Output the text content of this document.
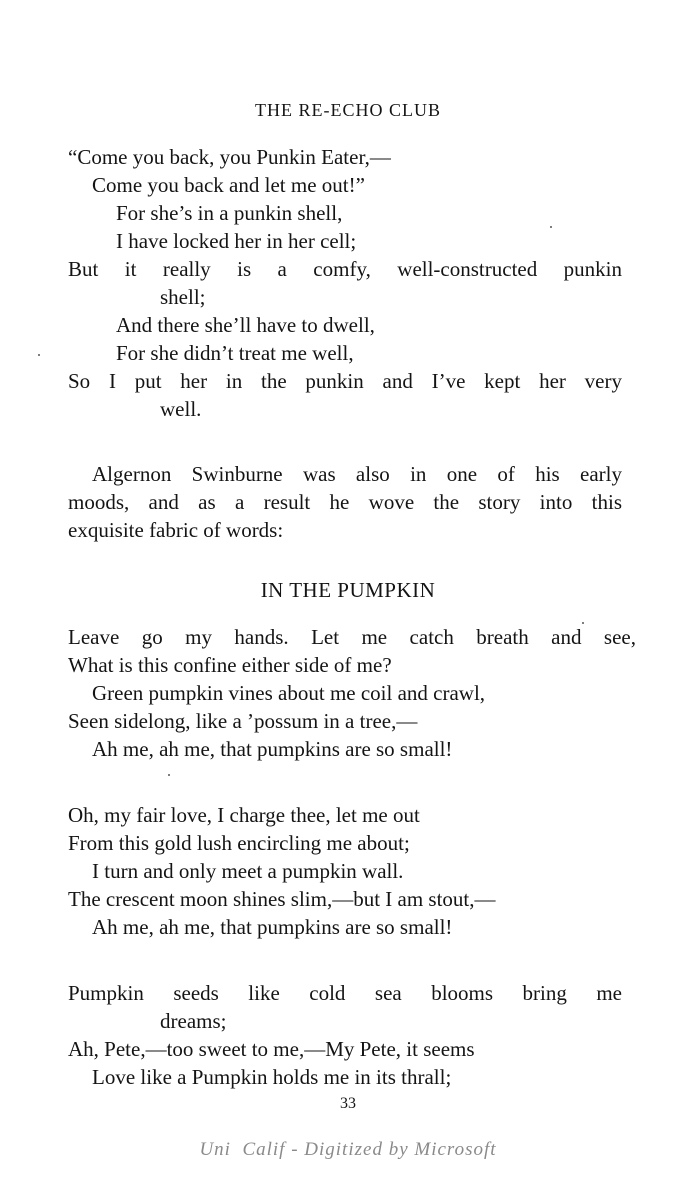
THE RE-ECHO CLUB
“Come you back, you Punkin Eater,—
Come you back and let me out!”
For she’s in a punkin shell,
I have locked her in her cell;
But it really is a comfy, well-constructed punkin
shell;
And there she’ll have to dwell,
For she didn’t treat me well,
So I put her in the punkin and I’ve kept her very
well.
Algernon Swinburne was also in one of his early
moods, and as a result he wove the story into this
exquisite fabric of words:
IN THE PUMPKIN
Leave go my hands. Let me catch breath and see,
What is this confine either side of me?
Green pumpkin vines about me coil and crawl,
Seen sidelong, like a ’possum in a tree,—
Ah me, ah me, that pumpkins are so small!
Oh, my fair love, I charge thee, let me out
From this gold lush encircling me about;
I turn and only meet a pumpkin wall.
The crescent moon shines slim,—but I am stout,—
Ah me, ah me, that pumpkins are so small!
Pumpkin seeds like cold sea blooms bring me
dreams;
Ah, Pete,—too sweet to me,—My Pete, it seems
Love like a Pumpkin holds me in its thrall;
33
Uni  Calif - Digitized by Microsoft
